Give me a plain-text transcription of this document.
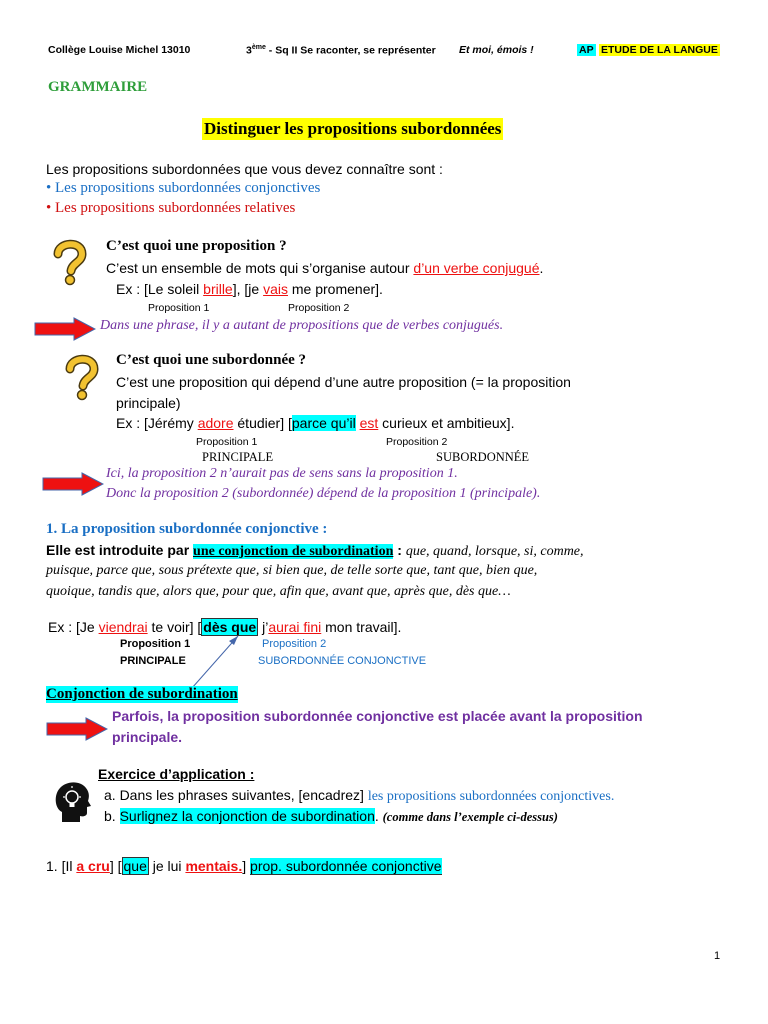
Collège Louise Michel 13010	3ème - Sq II Se raconter, se représenter Et moi, émois !	AP ETUDE DE LA LANGUE
GRAMMAIRE
Distinguer les propositions subordonnées
Les propositions subordonnées que vous devez connaître sont :
• Les propositions subordonnées conjonctives
• Les propositions subordonnées relatives
C’est quoi une proposition ?
C’est un ensemble de mots qui s’organise autour d’un verbe conjugué.
Ex : [Le soleil brille], [je vais me promener].
Proposition 1	Proposition 2
Dans une phrase, il y a autant de propositions que de verbes conjugués.
C’est quoi une subordonnée ?
C’est une proposition qui dépend d’une autre proposition (= la proposition
principale)
Ex : [Jérémy adore étudier] [parce qu’il est curieux et ambitieux].
Proposition 1	Proposition 2
PRINCIPALE	SUBORDONNÉE
Ici, la proposition 2 n’aurait pas de sens sans la proposition 1.
Donc la proposition 2 (subordonnée) dépend de la proposition 1 (principale).
1. La proposition subordonnée conjonctive :
Elle est introduite par une conjonction de subordination : que, quand, lorsque, si, comme,
puisque, parce que, sous prétexte que, si bien que, de telle sorte que, tant que, bien que,
quoique, tandis que, alors que, pour que, afin que, avant que, après que, dès que…
Ex : [Je viendrai te voir] [ dès que j’aurai fini mon travail].
Proposition 1	Proposition 2
PRINCIPALE	SUBORDONNÉE CONJONCTIVE
Conjonction de subordination
Parfois, la proposition subordonnée conjonctive est placée avant la proposition
principale.
Exercice d’application :
a. Dans les phrases suivantes, [encadrez] les propositions subordonnées conjonctives.
b. Surlignez la conjonction de subordination. (comme dans l’exemple ci-dessus)
1. [Il a cru] [ que je lui mentais.] prop. subordonnée conjonctive
1
